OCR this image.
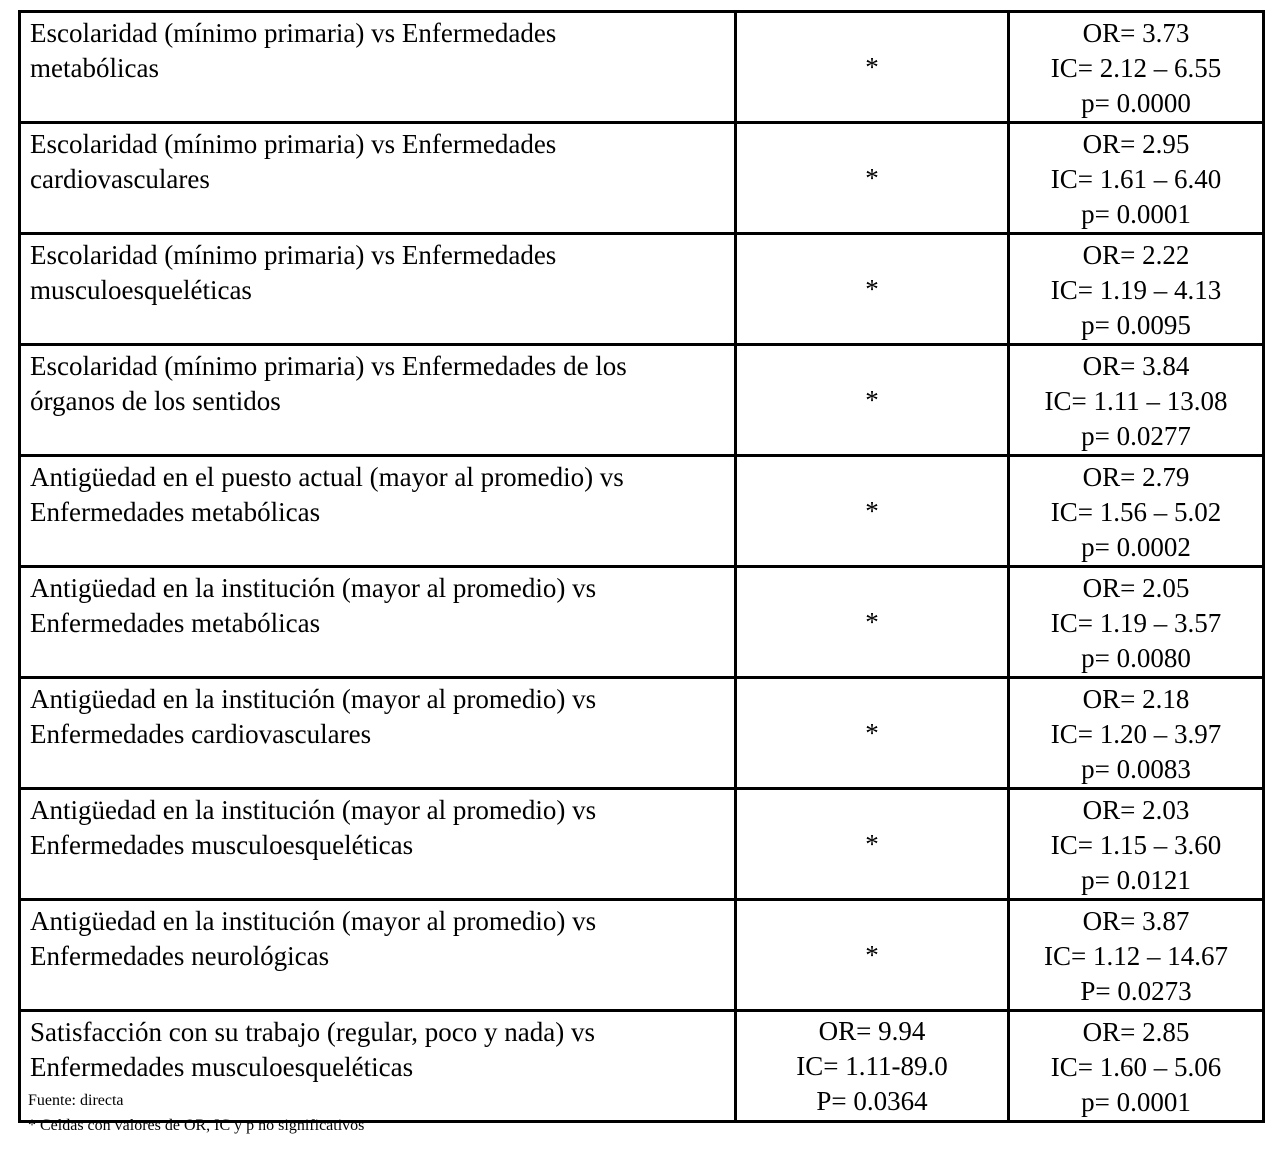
Escolaridad (mínimo primaria) vs Enfermedades
metabólicas	*	OR= 3.73
IC= 2.12 – 6.55
p= 0.0000

Escolaridad (mínimo primaria) vs Enfermedades
cardiovasculares	*	OR= 2.95
IC= 1.61 – 6.40
p= 0.0001

Escolaridad (mínimo primaria) vs Enfermedades
musculoesqueléticas	*	OR= 2.22
IC= 1.19 – 4.13
p= 0.0095

Escolaridad (mínimo primaria) vs Enfermedades de los
órganos de los sentidos	*	OR= 3.84
IC= 1.11 – 13.08
p= 0.0277

Antigüedad en el puesto actual (mayor al promedio) vs
Enfermedades metabólicas	*	OR= 2.79
IC= 1.56 – 5.02
p= 0.0002

Antigüedad en la institución (mayor al promedio) vs
Enfermedades metabólicas	*	OR= 2.05
IC= 1.19 – 3.57
p= 0.0080

Antigüedad en la institución (mayor al promedio) vs
Enfermedades cardiovasculares	*	OR= 2.18
IC= 1.20 – 3.97
p= 0.0083

Antigüedad en la institución (mayor al promedio) vs
Enfermedades musculoesqueléticas	*	OR= 2.03
IC= 1.15 – 3.60
p= 0.0121

Antigüedad en la institución (mayor al promedio) vs
Enfermedades neurológicas	*	OR= 3.87
IC= 1.12 – 14.67
P= 0.0273

Satisfacción con su trabajo (regular, poco y nada) vs
Enfermedades musculoesqueléticas	OR= 9.94
IC= 1.11-89.0
P= 0.0364	OR= 2.85
IC= 1.60 – 5.06
p= 0.0001
Fuente: directa
* Celdas con valores de OR, IC y p no significativos
